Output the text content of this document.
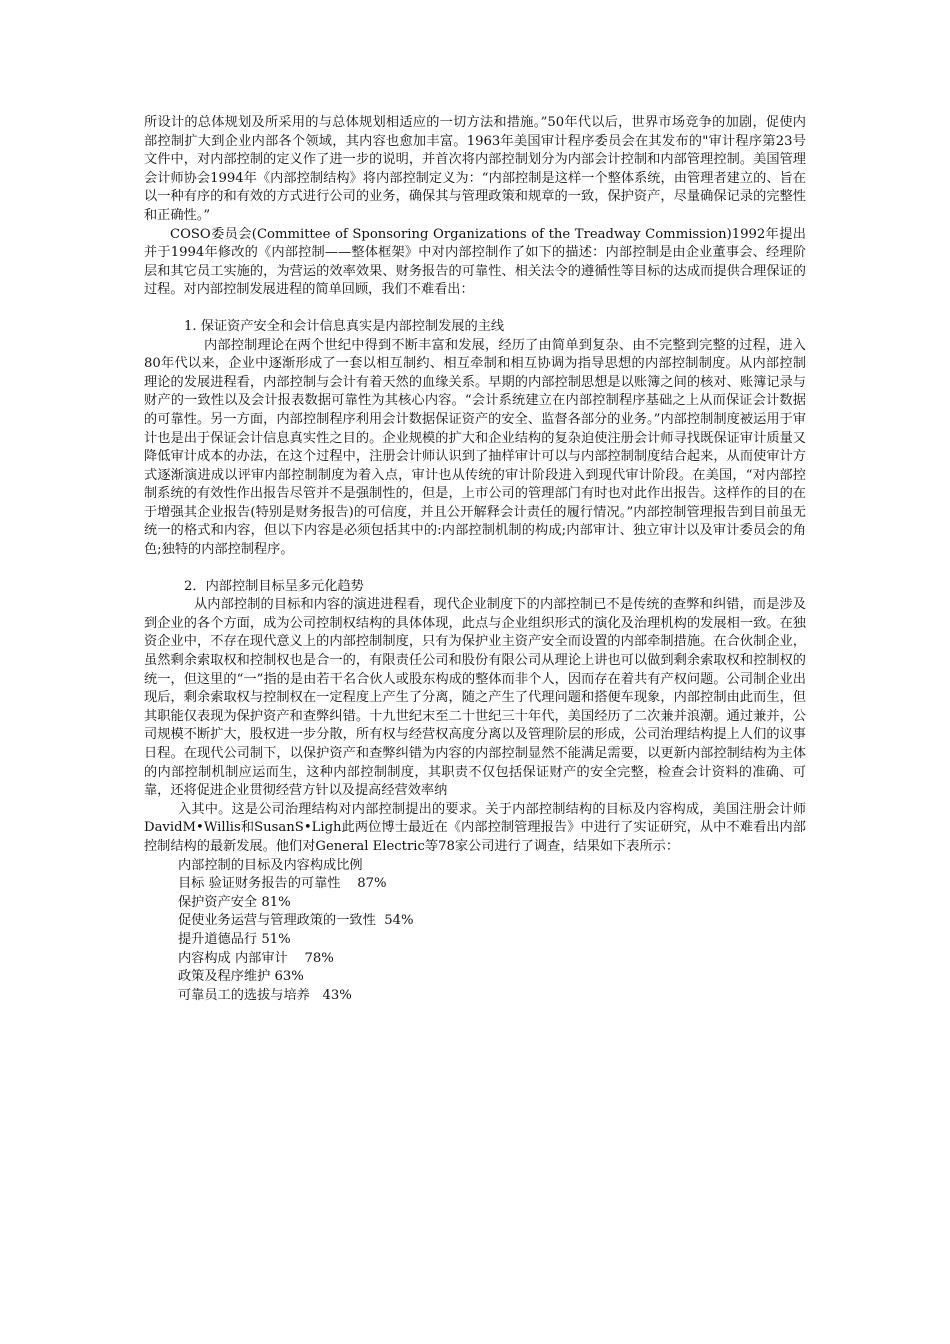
所设计的总体规划及所采用的与总体规划相适应的一切方法和措施。”50年代以后，世界市场竞争的加剧，促使内部控制扩大到企业内部各个领域，其内容也愈加丰富。1963年美国审计程序委员会在其发布的"审计程序第23号文件中，对内部控制的定义作了进一步的说明，并首次将内部控制划分为内部会计控制和内部管理控制。美国管理会计师协会1994年《内部控制结构》将内部控制定义为：“内部控制是这样一个整体系统，由管理者建立的、旨在以一种有序的和有效的方式进行公司的业务，确保其与管理政策和规章的一致，保护资产，尽量确保记录的完整性和正确性。”

COSO委员会(Committee of Sponsoring Organizations of the Treadway Commission)1992年提出并于1994年修改的《内部控制——整体框架》中对内部控制作了如下的描述：内部控制是由企业董事会、经理阶层和其它员工实施的，为营运的效率效果、财务报告的可靠性、相关法令的遵循性等目标的达成而提供合理保证的过程。对内部控制发展进程的简单回顾，我们不难看出：

1. 保证资产安全和会计信息真实是内部控制发展的主线

内部控制理论在两个世纪中得到不断丰富和发展，经历了由简单到复杂、由不完整到完整的过程，进入80年代以来，企业中逐渐形成了一套以相互制约、相互牵制和相互协调为指导思想的内部控制制度。从内部控制理论的发展进程看，内部控制与会计有着天然的血缘关系。早期的内部控制思想是以账簿之间的核对、账簿记录与财产的一致性以及会计报表数据可靠性为其核心内容。“会计系统建立在内部控制程序基础之上从而保证会计数据的可靠性。另一方面，内部控制程序利用会计数据保证资产的安全、监督各部分的业务。”内部控制制度被运用于审计也是出于保证会计信息真实性之目的。企业规模的扩大和企业结构的复杂迫使注册会计师寻找既保证审计质量又降低审计成本的办法，在这个过程中，注册会计师认识到了抽样审计可以与内部控制制度结合起来，从而使审计方式逐渐演进成以评审内部控制制度为着入点，审计也从传统的审计阶段进入到现代审计阶段。在美国，“对内部控制系统的有效性作出报告尽管并不是强制性的，但是，上市公司的管理部门有时也对此作出报告。这样作的目的在于增强其企业报告(特别是财务报告)的可信度，并且公开解释会计责任的履行情况。”内部控制管理报告到目前虽无统一的格式和内容，但以下内容是必须包括其中的:内部控制机制的构成;内部审计、独立审计以及审计委员会的角色;独特的内部控制程序。

2．内部控制目标呈多元化趋势

从内部控制的目标和内容的演进进程看，现代企业制度下的内部控制已不是传统的查弊和纠错，而是涉及到企业的各个方面，成为公司控制权结构的具体体现，此点与企业组织形式的演化及治理机构的发展相一致。在独资企业中，不存在现代意义上的内部控制制度，只有为保护业主资产安全而设置的内部牵制措施。在合伙制企业，虽然剩余索取权和控制权也是合一的，有限责任公司和股份有限公司从理论上讲也可以做到剩余索取权和控制权的统一，但这里的“一”指的是由若干名合伙人或股东构成的整体而非个人，因而存在着共有产权问题。公司制企业出现后，剩余索取权与控制权在一定程度上产生了分离，随之产生了代理问题和搭便车现象，内部控制由此而生，但其职能仅表现为保护资产和查弊纠错。十九世纪末至二十世纪三十年代，美国经历了二次兼并浪潮。通过兼并，公司规模不断扩大，股权进一步分散，所有权与经营权高度分离以及管理阶层的形成，公司治理结构提上人们的议事日程。在现代公司制下，以保护资产和查弊纠错为内容的内部控制显然不能满足需要，以更新内部控制结构为主体的内部控制机制应运而生，这种内部控制制度，其职责不仅包括保证财产的安全完整，检查会计资料的准确、可靠，还将促进企业贯彻经营方针以及提高经营效率纳

入其中。这是公司治理结构对内部控制提出的要求。关于内部控制结构的目标及内容构成，美国注册会计师DavidM•Willis和SusanS•Ligh此两位博士最近在《内部控制管理报告》中进行了实证研究，从中不难看出内部控制结构的最新发展。他们对General Electric等78家公司进行了调查，结果如下表所示：

内部控制的目标及内容构成比例
目标 验证财务报告的可靠性    87%
保护资产安全 81%
促使业务运营与管理政策的一致性  54%
提升道德品行 51%
内容构成 内部审计    78%
政策及程序维护 63%
可靠员工的选拔与培养   43%
